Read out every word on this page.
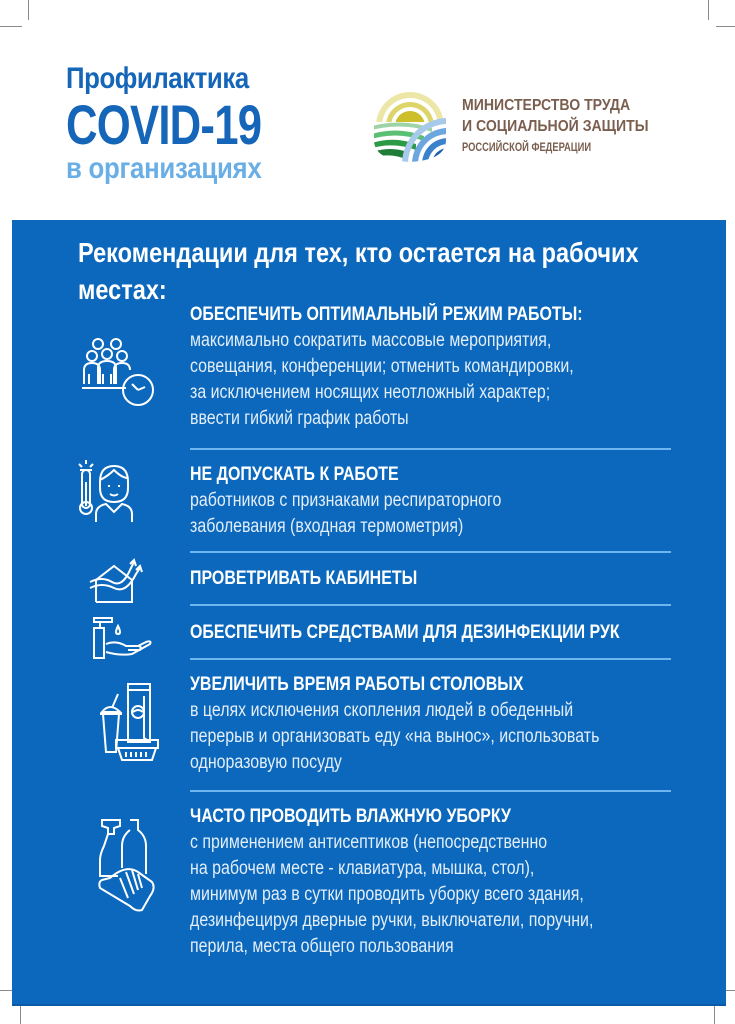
Профилактика
COVID-19
в организациях
МИНИСТЕРСТВО ТРУДА
И СОЦИАЛЬНОЙ ЗАЩИТЫ
РОССИЙСКОЙ ФЕДЕРАЦИИ
Рекомендации для тех, кто остается на рабочих
местах:
ОБЕСПЕЧИТЬ ОПТИМАЛЬНЫЙ РЕЖИМ РАБОТЫ:
максимально сократить массовые мероприятия,
совещания, конференции; отменить командировки,
за исключением носящих неотложный характер;
ввести гибкий график работы
НЕ ДОПУСКАТЬ К РАБОТЕ
работников с признаками респираторного
заболевания (входная термометрия)
ПРОВЕТРИВАТЬ КАБИНЕТЫ
ОБЕСПЕЧИТЬ СРЕДСТВАМИ ДЛЯ ДЕЗИНФЕКЦИИ РУК
УВЕЛИЧИТЬ ВРЕМЯ РАБОТЫ СТОЛОВЫХ
в целях исключения скопления людей в обеденный
перерыв и организовать еду «на вынос», использовать
одноразовую посуду
ЧАСТО ПРОВОДИТЬ ВЛАЖНУЮ УБОРКУ
с применением антисептиков (непосредственно
на рабочем месте - клавиатура, мышка, стол),
минимум раз в сутки проводить уборку всего здания,
дезинфецируя дверные ручки, выключатели, поручни,
перила, места общего пользования
